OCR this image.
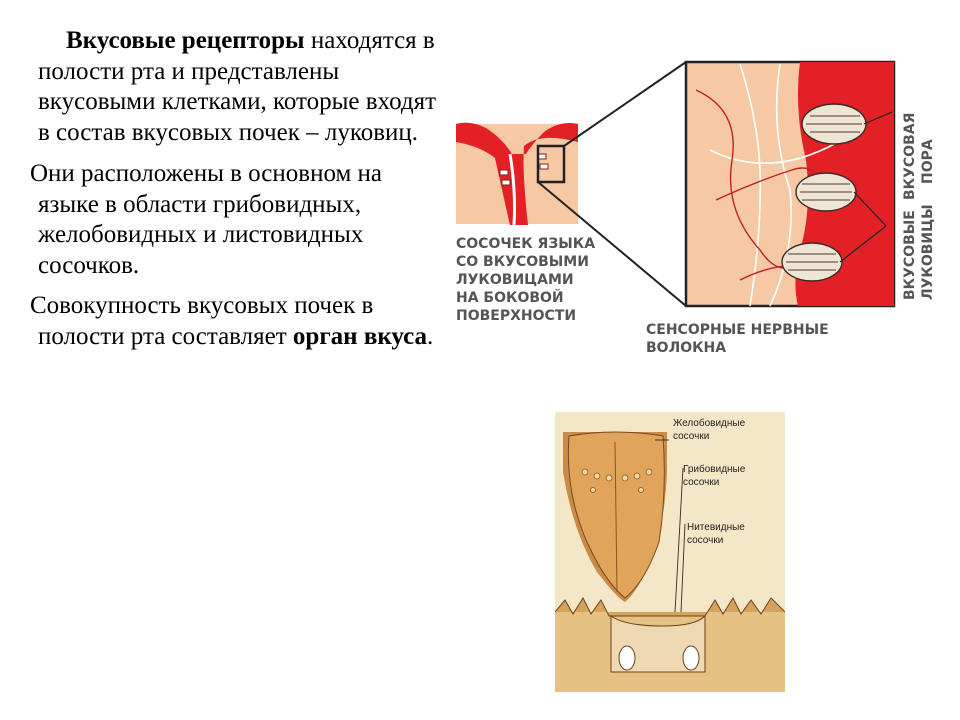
Вкусовые рецепторы находятся в полости рта и представлены вкусовыми клетками, которые входят в состав вкусовых почек – луковиц.

Они расположены в основном на языке в области грибовидных, желобовидных и листовидных сосочков.

Совокупность вкусовых почек в полости рта составляет орган вкуса.

СОСОЧЕК ЯЗЫКА СО ВКУСОВЫМИ ЛУКОВИЦАМИ НА БОКОВОЙ ПОВЕРХНОСТИ
СЕНСОРНЫЕ НЕРВНЫЕ ВОЛОКНА
ВКУСОВАЯ ПОРА
ВКУСОВЫЕ ЛУКОВИЦЫ
Желобовидные сосочки
Грибовидные сосочки
Нитевидные сосочки
